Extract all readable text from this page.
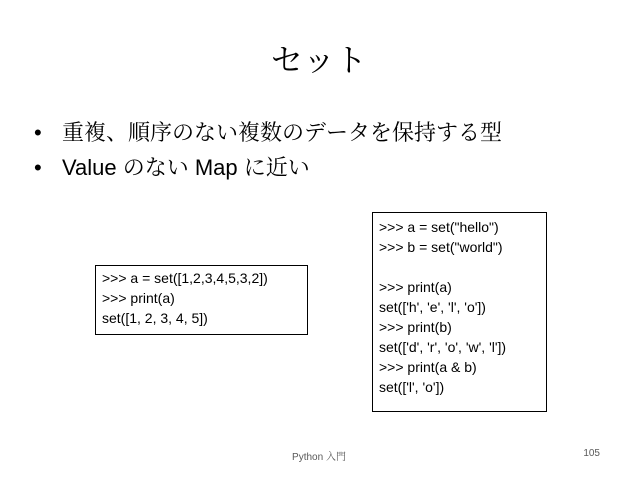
セット
• 重複、順序のない複数のデータを保持する型
• Value のない Map に近い
>>> a = set([1,2,3,4,5,3,2])
>>> print(a)
set([1, 2, 3, 4, 5])
>>> a = set("hello")
>>> b = set("world")
>>> print(a)
set(['h', 'e', 'l', 'o'])
>>> print(b)
set(['d', 'r', 'o', 'w', 'l'])
>>> print(a & b)
set(['l', 'o'])
Python 入門	105
